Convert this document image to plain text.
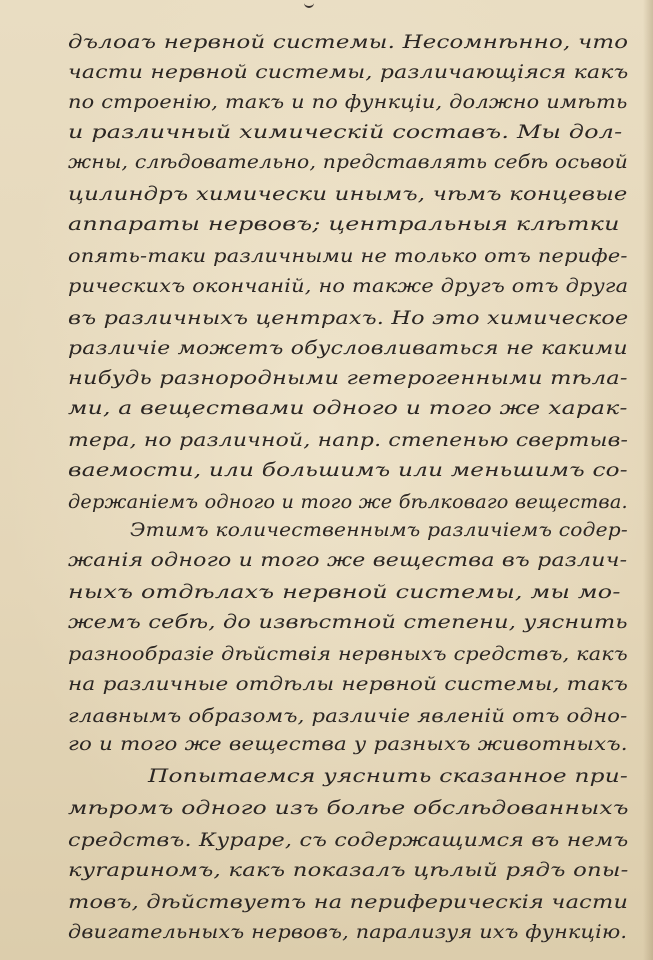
дълоаъ нервной системы. Несомнѣнно, что
части нервной системы, различающіяся какъ
по строенію, такъ и по функціи, должно имѣть
и различный химическій составъ. Мы дол-
жны, слѣдовательно, представлять себѣ осьвой
цилиндръ химически инымъ, чѣмъ концевые
аппараты нервовъ; центральныя клѣтки
опять-таки различными не только отъ перифе-
рическихъ окончаній, но также другъ отъ друга
въ различныхъ центрахъ. Но это химическое
различіе можетъ обусловливаться не какими
нибудь разнородными гетерогенными тѣла-
ми, а веществами одного и того же харак-
тера, но различной, напр. степенью свертыв-
ваемости, или большимъ или меньшимъ со-
держаніемъ одного и того же бѣлковаго вещества.
Этимъ количественнымъ различіемъ содер-
жанія одного и того же вещества въ различ-
ныхъ отдѣлахъ нервной системы, мы мо-
жемъ себѣ, до извѣстной степени, уяснить
разнообразіе дѣйствія нервныхъ средствъ, какъ
на различные отдѣлы нервной системы, такъ
главнымъ образомъ, различіе явленій отъ одно-
го и того же вещества у разныхъ животныхъ.
Попытаемся уяснить сказанное при-
мѣромъ одного изъ болѣе обслѣдованныхъ
средствъ. Кураре, съ содержащимся въ немъ
куraриномъ, какъ показалъ цѣлый рядъ опы-
товъ, дѣйствуетъ на периферическія части
двигательныхъ нервовъ, парализуя ихъ функцію.
